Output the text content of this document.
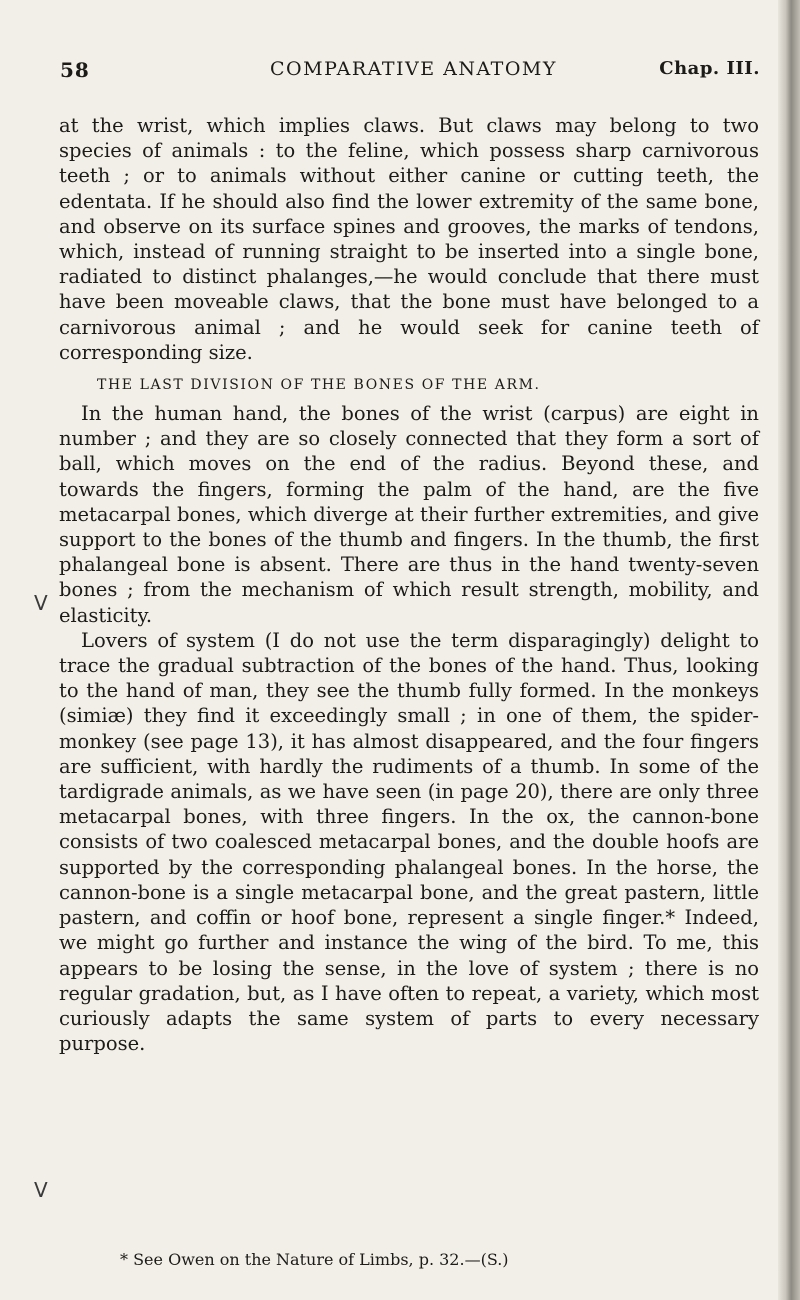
58	COMPARATIVE ANATOMY	Chap. III.

at the wrist, which implies claws. But claws may belong to two species of animals : to the feline, which possess sharp carnivorous teeth ; or to animals without either canine or cutting teeth, the edentata. If he should also find the lower extremity of the same bone, and observe on its surface spines and grooves, the marks of tendons, which, instead of running straight to be inserted into a single bone, radiated to distinct phalanges,—he would conclude that there must have been moveable claws, that the bone must have belonged to a carnivorous animal ; and he would seek for canine teeth of corresponding size.

THE LAST DIVISION OF THE BONES OF THE ARM.

In the human hand, the bones of the wrist (carpus) are eight in number ; and they are so closely connected that they form a sort of ball, which moves on the end of the radius. Beyond these, and towards the fingers, forming the palm of the hand, are the five metacarpal bones, which diverge at their further extremities, and give support to the bones of the thumb and fingers. In the thumb, the first phalangeal bone is absent. There are thus in the hand twenty-seven bones ; from the mechanism of which result strength, mobility, and elasticity.

Lovers of system (I do not use the term disparagingly) delight to trace the gradual subtraction of the bones of the hand. Thus, looking to the hand of man, they see the thumb fully formed. In the monkeys (simiæ) they find it exceedingly small ; in one of them, the spider-monkey (see page 13), it has almost disappeared, and the four fingers are sufficient, with hardly the rudiments of a thumb. In some of the tardigrade animals, as we have seen (in page 20), there are only three metacarpal bones, with three fingers. In the ox, the cannon-bone consists of two coalesced metacarpal bones, and the double hoofs are supported by the corresponding phalangeal bones. In the horse, the cannon-bone is a single metacarpal bone, and the great pastern, little pastern, and coffin or hoof bone, represent a single finger.* Indeed, we might go further and instance the wing of the bird. To me, this appears to be losing the sense, in the love of system ; there is no regular gradation, but, as I have often to repeat, a variety, which most curiously adapts the same system of parts to every necessary purpose.

* See Owen on the Nature of Limbs, p. 32.—(S.)
V
V
